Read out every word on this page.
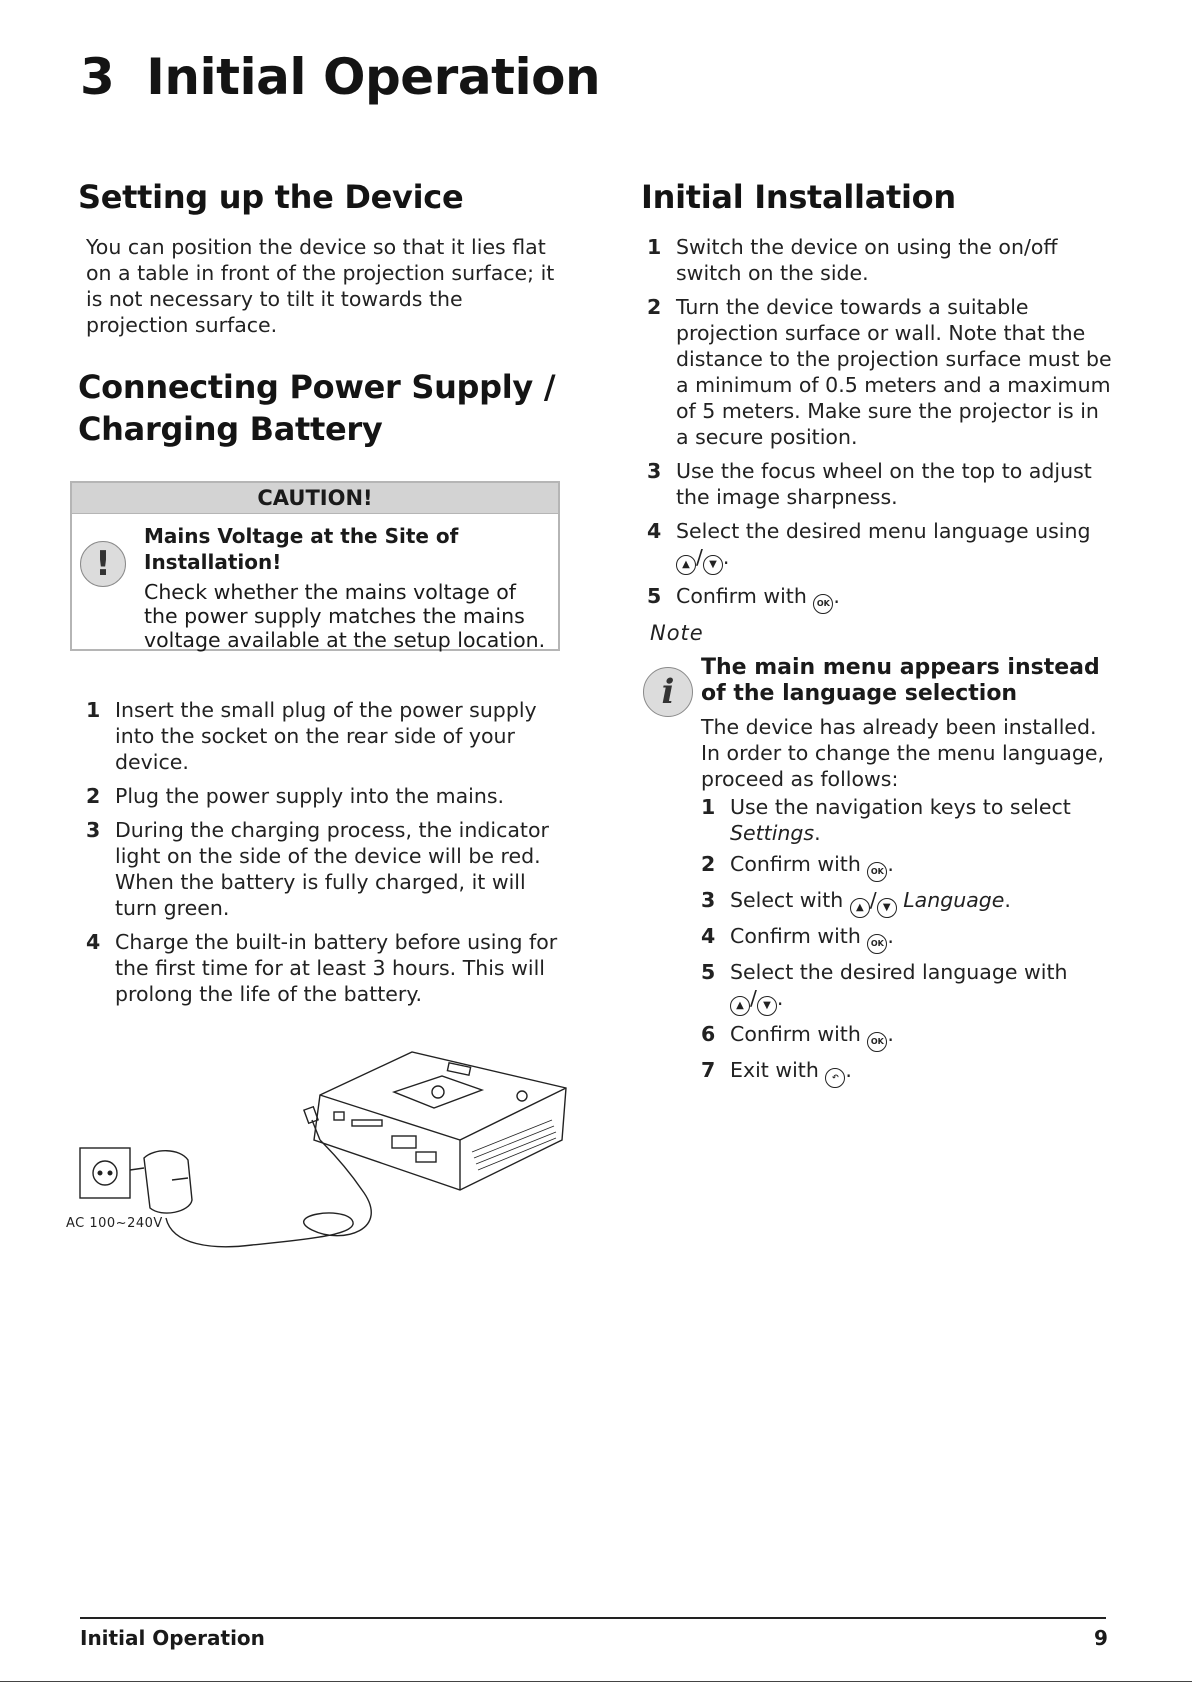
3 Initial Operation
Setting up the Device

You can position the device so that it lies flat on a table in front of the projection surface; it is not necessary to tilt it towards the projection surface.

Connecting Power Supply /
Charging Battery
CAUTION!
!
Mains Voltage at the Site of Installation!
Check whether the mains voltage of the power supply matches the mains voltage available at the setup location.
1 Insert the small plug of the power supply into the socket on the rear side of your device.
2 Plug the power supply into the mains.
3 During the charging process, the indicator light on the side of the device will be red. When the battery is fully charged, it will turn green.
4 Charge the built-in battery before using for the first time for at least 3 hours. This will prolong the life of the battery.
AC 100~240V
Initial Installation
1 Switch the device on using the on/off switch on the side.
2 Turn the device towards a suitable projection surface or wall. Note that the distance to the projection surface must be a minimum of 0.5 meters and a maximum of 5 meters. Make sure the projector is in a secure position.
3 Use the focus wheel on the top to adjust the image sharpness.
4 Select the desired menu language using
▲ / ▼ .
5 Confirm with OK .
Note
i
The main menu appears instead of the language selection

The device has already been installed. In order to change the menu language, proceed as follows:

1 Use the navigation keys to select
Settings.
2 Confirm with OK .
3 Select with ▲ / ▼ Language.
4 Confirm with OK .
5 Select the desired language with
▲ / ▼ .
6 Confirm with OK .
7 Exit with ↶ .
Initial Operation	9
